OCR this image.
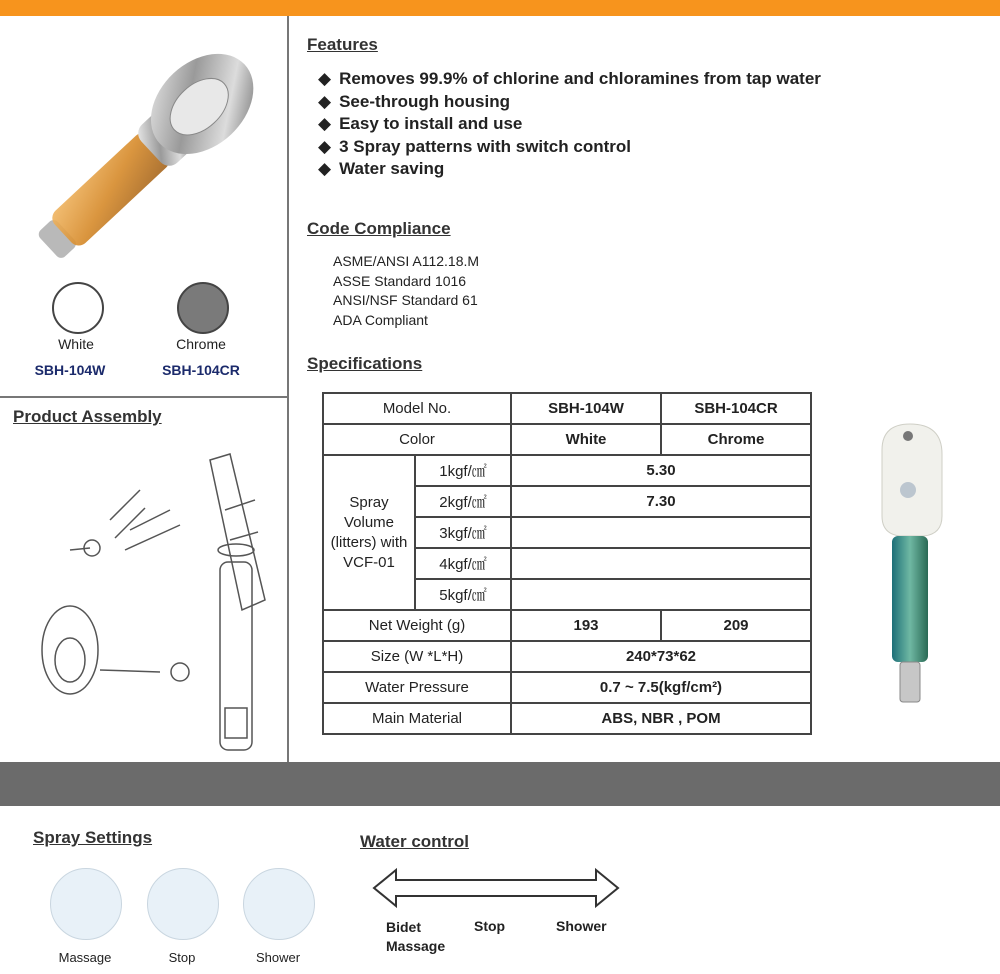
White	Chrome
SBH-104W	SBH-104CR
Product Assembly
Features
◆ Removes 99.9% of chlorine and chloramines from tap water
◆ See-through housing
◆ Easy to install and use
◆ 3 Spray patterns with switch control
◆ Water saving
Code Compliance
ASME/ANSI A112.18.M
ASSE Standard 1016
ANSI/NSF Standard 61
ADA Compliant
Specifications
Model No.		SBH-104W	SBH-104CR
Color		White	Chrome
Spray Volume (litters) with VCF-01	1kgf/㎠	5.30	
	2kgf/㎠	7.30	
	3kgf/㎠		
	4kgf/㎠		
	5kgf/㎠		
Net Weight (g)		193	209
Size (W *L*H)		240*73*62	
Water Pressure		0.7 ~ 7.5(kgf/cm²)	
Main Material		ABS, NBR , POM	
Spray Settings
Massage	Stop	Shower
Water control
Bidet Massage
Stop	Shower
